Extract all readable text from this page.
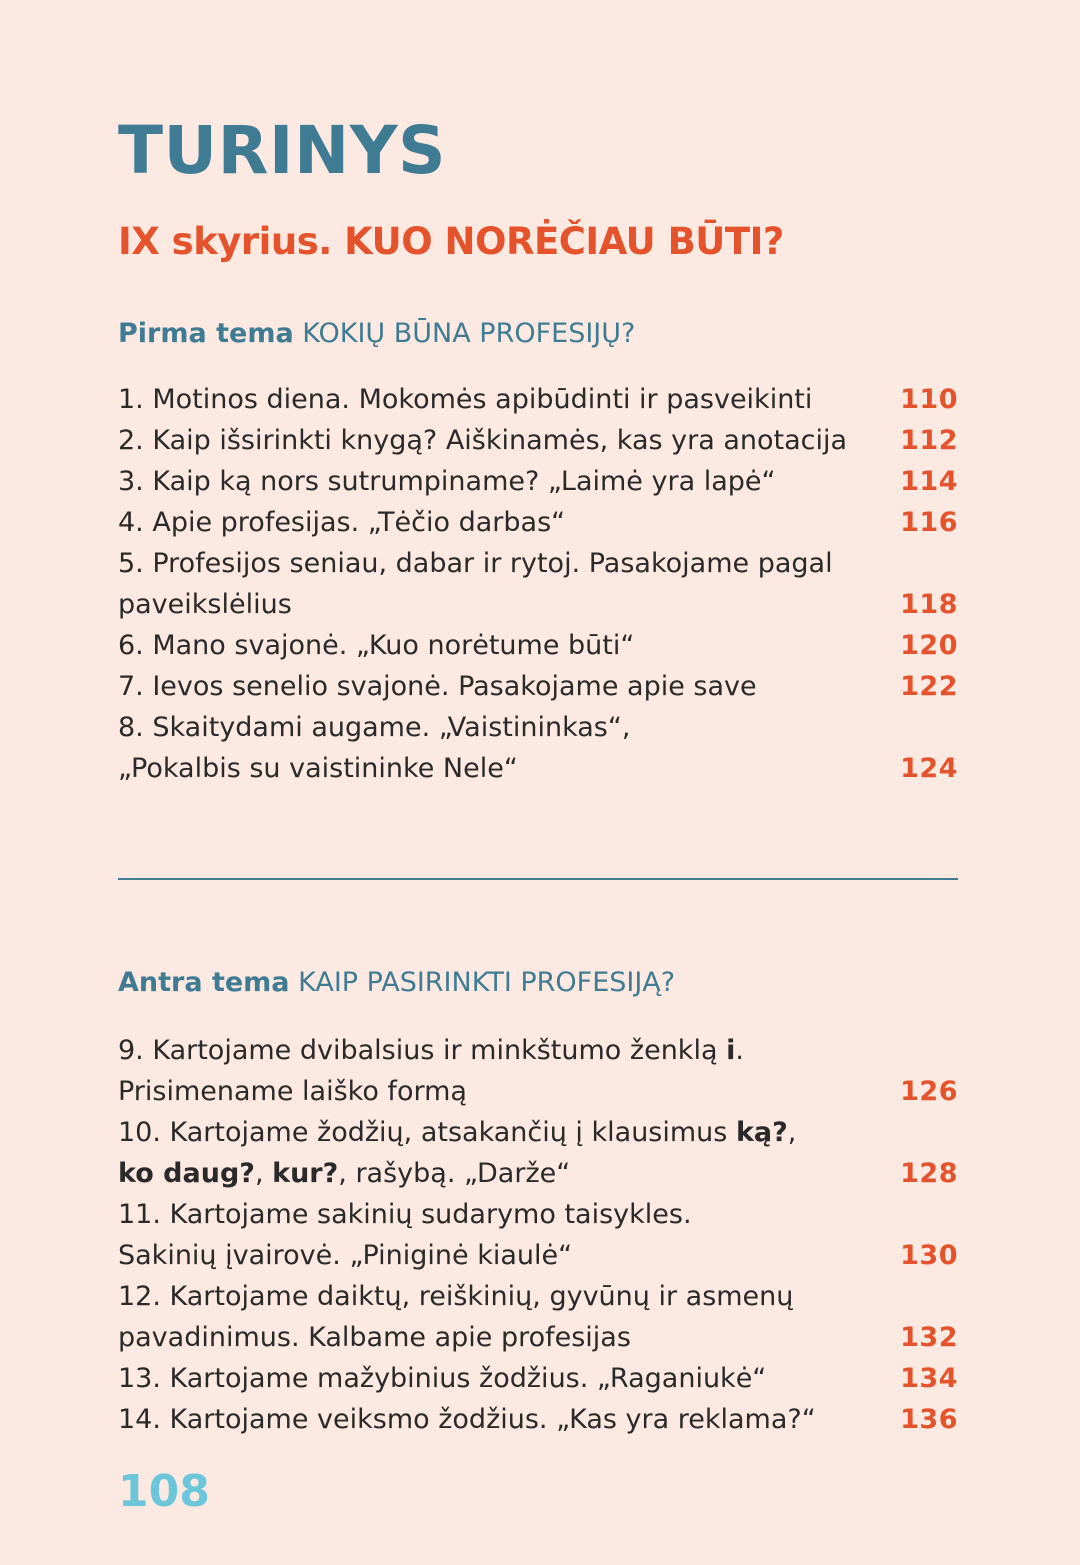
TURINYS
IX skyrius. KUO NORĖČIAU BŪTI?
Pirma tema KOKIŲ BŪNA PROFESIJŲ?
1. Motinos diena. Mokomės apibūdinti ir pasveikinti	110
2. Kaip išsirinkti knygą? Aiškinamės, kas yra anotacija	112
3. Kaip ką nors sutrumpiname? „Laimė yra lapė“	114
4. Apie profesijas. „Tėčio darbas“	116
5. Profesijos seniau, dabar ir rytoj. Pasakojame pagal
paveikslėlius	118
6. Mano svajonė. „Kuo norėtume būti“	120
7. Ievos senelio svajonė. Pasakojame apie save	122
8. Skaitydami augame. „Vaistininkas“,
„Pokalbis su vaistininke Nele“	124
Antra tema KAIP PASIRINKTI PROFESIJĄ?
9. Kartojame dvibalsius ir minkštumo ženklą i.
Prisimename laiško formą	126
10. Kartojame žodžių, atsakančių į klausimus ką?,
ko daug?, kur?, rašybą. „Darže“	128
11. Kartojame sakinių sudarymo taisykles.
Sakinių įvairovė. „Piniginė kiaulė“	130
12. Kartojame daiktų, reiškinių, gyvūnų ir asmenų
pavadinimus. Kalbame apie profesijas	132
13. Kartojame mažybinius žodžius. „Raganiukė“	134
14. Kartojame veiksmo žodžius. „Kas yra reklama?“	136
108
